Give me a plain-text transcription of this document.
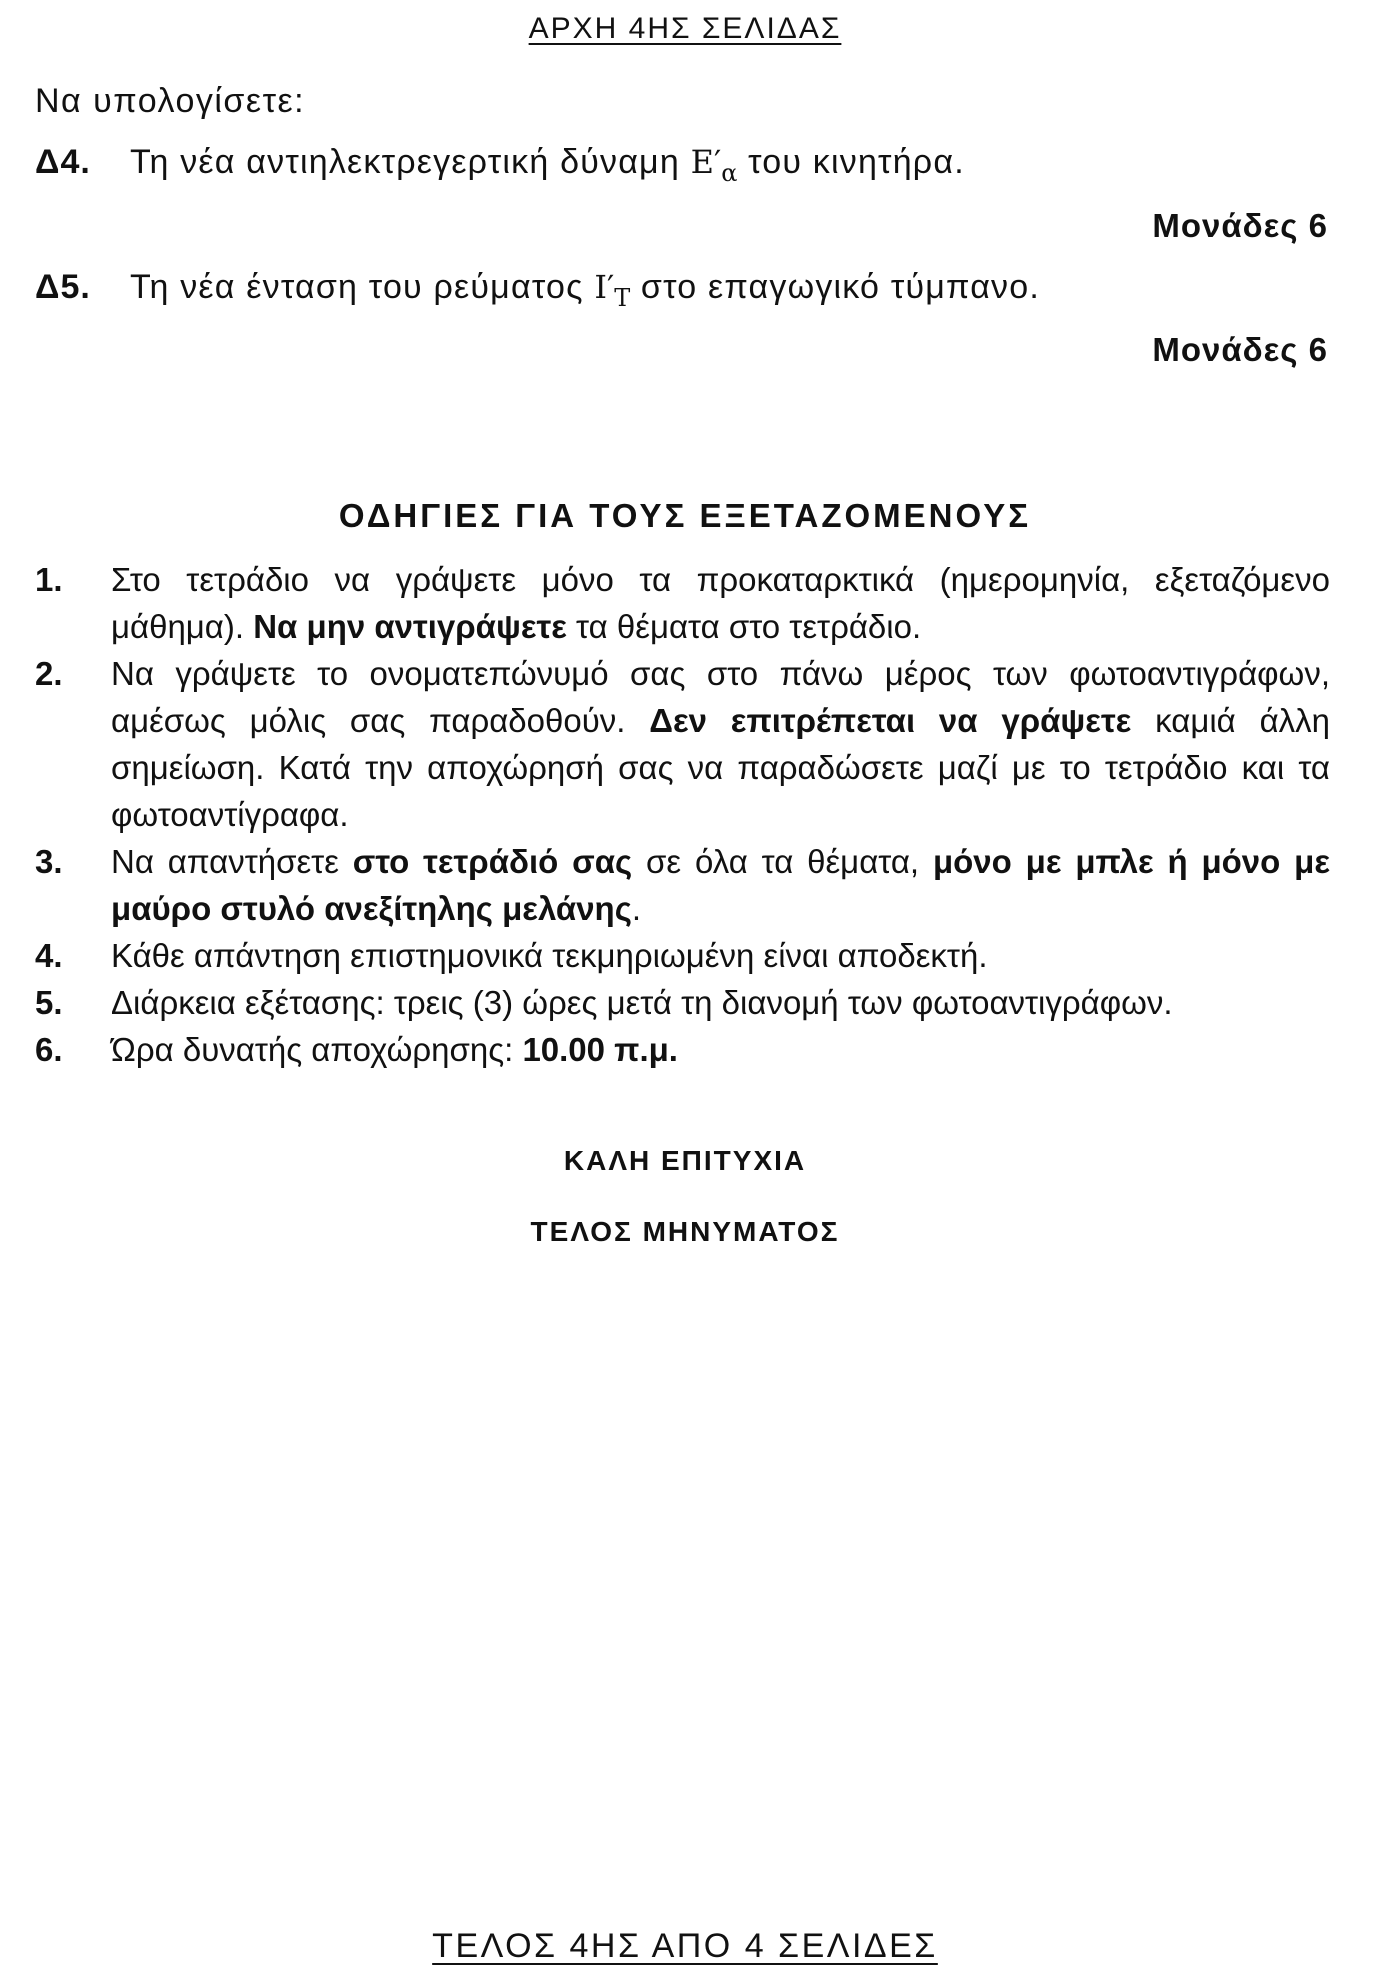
ΑΡΧΗ 4ΗΣ ΣΕΛΙΔΑΣ
Να υπολογίσετε:
Δ4. Τη νέα αντιηλεκτρεγερτική δύναμη $E'_\alpha$ του κινητήρα.
Μονάδες 6
Δ5. Τη νέα ένταση του ρεύματος $I'_T$ στο επαγωγικό τύμπανο.
Μονάδες 6
ΟΔΗΓΙΕΣ ΓΙΑ ΤΟΥΣ ΕΞΕΤΑΖΟΜΕΝΟΥΣ
1.	Στο τετράδιο να γράψετε μόνο τα προκαταρκτικά (ημερομηνία, εξεταζόμενο μάθημα). Να μην αντιγράψετε τα θέματα στο τετράδιο.
2.	Να γράψετε το ονοματεπώνυμό σας στο πάνω μέρος των φωτοαντιγράφων, αμέσως μόλις σας παραδοθούν. Δεν επιτρέπεται να γράψετε καμιά άλλη σημείωση. Κατά την αποχώρησή σας να παραδώσετε μαζί με το τετράδιο και τα φωτοαντίγραφα.
3.	Να απαντήσετε στο τετράδιό σας σε όλα τα θέματα, μόνο με μπλε ή μόνο με μαύρο στυλό ανεξίτηλης μελάνης.
4.	Κάθε απάντηση επιστημονικά τεκμηριωμένη είναι αποδεκτή.
5.	Διάρκεια εξέτασης: τρεις (3) ώρες μετά τη διανομή των φωτοαντιγράφων.
6.	Ώρα δυνατής αποχώρησης: 10.00 π.μ.
ΚΑΛΗ ΕΠΙΤΥΧΙΑ
ΤΕΛΟΣ ΜΗΝΥΜΑΤΟΣ
ΤΕΛΟΣ 4ΗΣ ΑΠΟ 4 ΣΕΛΙΔΕΣ
